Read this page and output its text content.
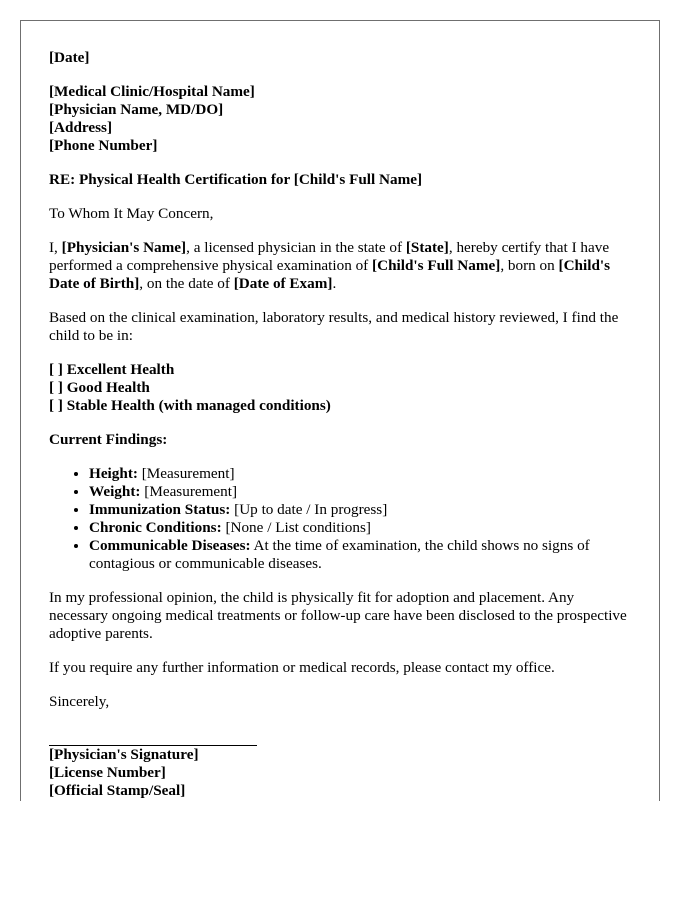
[Date]
[Medical Clinic/Hospital Name]
[Physician Name, MD/DO]
[Address]
[Phone Number]

RE: Physical Health Certification for [Child's Full Name]

To Whom It May Concern,

I, [Physician's Name], a licensed physician in the state of [State], hereby certify that I have performed a comprehensive physical examination of [Child's Full Name], born on [Child's Date of Birth], on the date of [Date of Exam].

Based on the clinical examination, laboratory results, and medical history reviewed, I find the child to be in:

[ ] Excellent Health
[ ] Good Health
[ ] Stable Health (with managed conditions)

Current Findings:

• Height: [Measurement]
• Weight: [Measurement]
• Immunization Status: [Up to date / In progress]
• Chronic Conditions: [None / List conditions]
• Communicable Diseases: At the time of examination, the child shows no signs of contagious or communicable diseases.

In my professional opinion, the child is physically fit for adoption and placement. Any necessary ongoing medical treatments or follow-up care have been disclosed to the prospective adoptive parents.

If you require any further information or medical records, please contact my office.

Sincerely,

[Physician's Signature]
[License Number]
[Official Stamp/Seal]
